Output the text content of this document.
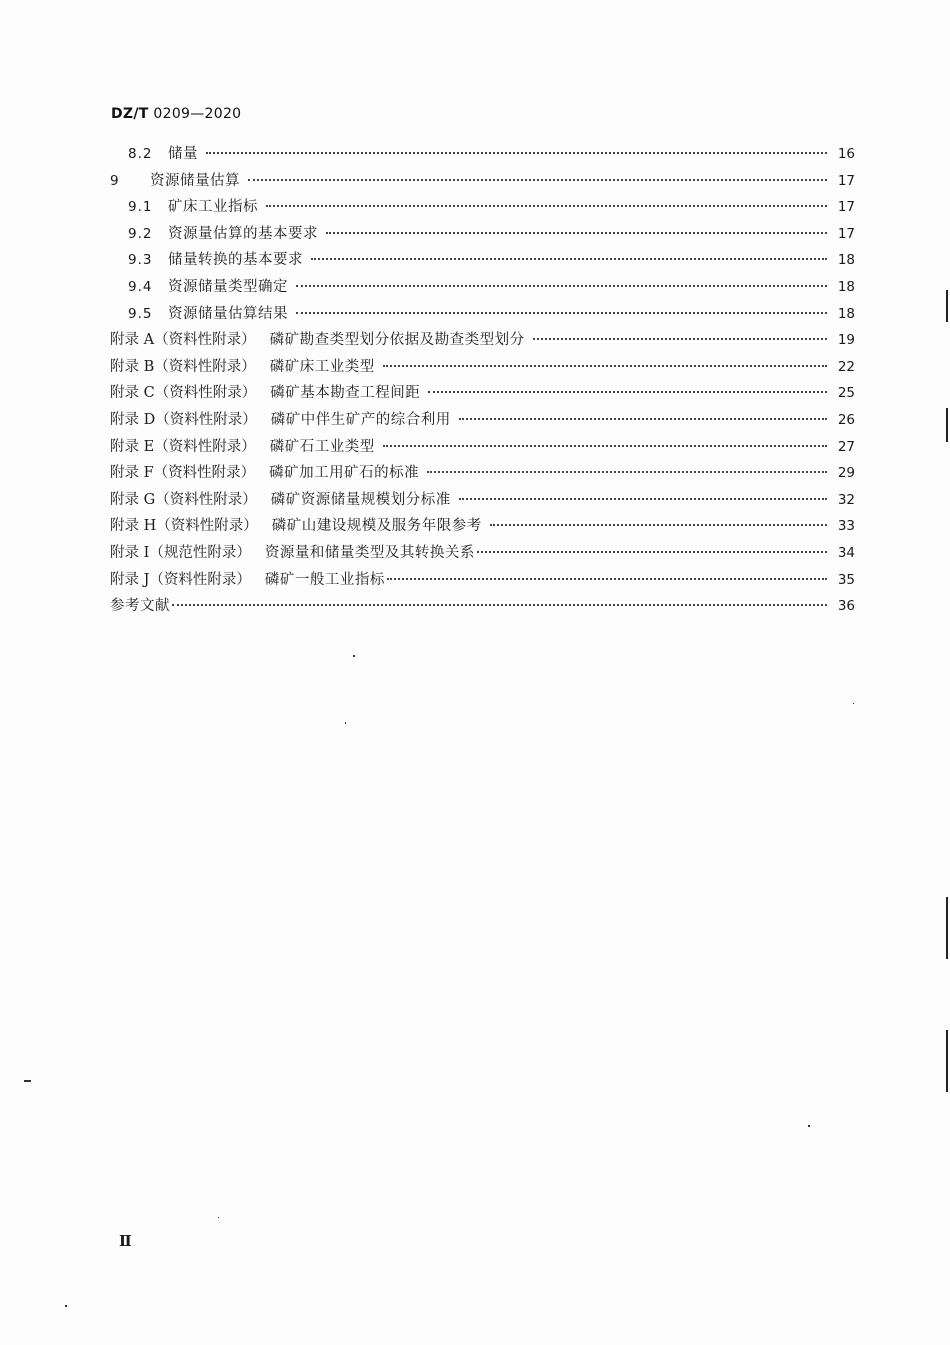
DZ/T 0209—2020
8.2 储量	16
9	资源储量估算	17
9.1 矿床工业指标	17
9.2 资源量估算的基本要求	17
9.3 储量转换的基本要求	18
9.4 资源储量类型确定	18
9.5 资源储量估算结果	18
附录 A（资料性附录） 磷矿勘查类型划分依据及勘查类型划分	19
附录 B（资料性附录） 磷矿床工业类型	22
附录 C（资料性附录） 磷矿基本勘查工程间距	25
附录 D（资料性附录） 磷矿中伴生矿产的综合利用	26
附录 E（资料性附录） 磷矿石工业类型	27
附录 F（资料性附录） 磷矿加工用矿石的标准	29
附录 G（资料性附录） 磷矿资源储量规模划分标准	32
附录 H（资料性附录） 磷矿山建设规模及服务年限参考	33
附录 I（规范性附录） 资源量和储量类型及其转换关系	34
附录 J（资料性附录） 磷矿一般工业指标	35
参考文献	36
Ⅱ
